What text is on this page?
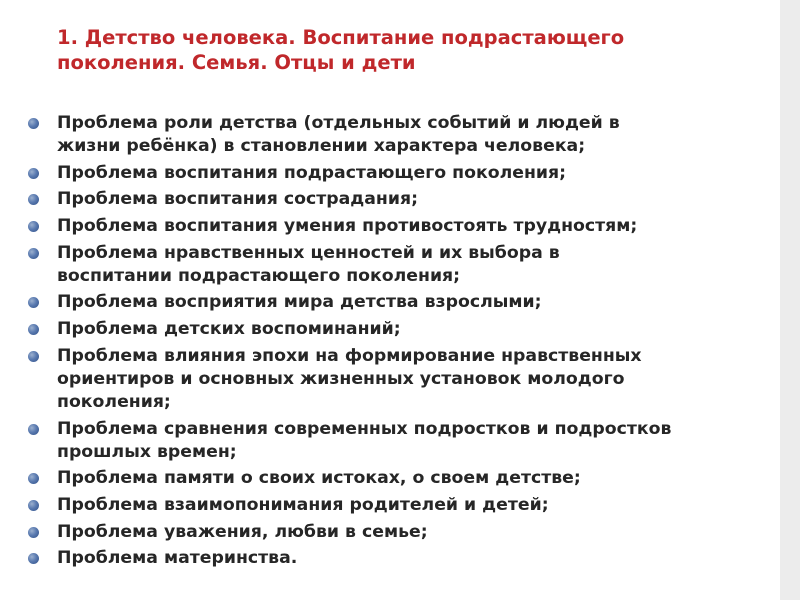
1. Детство человека. Воспитание подрастающего
поколения. Семья. Отцы и дети
Проблема роли детства (отдельных событий и людей в
жизни ребёнка) в становлении характера человека;
Проблема воспитания подрастающего поколения;
Проблема воспитания сострадания;
Проблема воспитания умения противостоять трудностям;
Проблема нравственных ценностей и их выбора в
воспитании подрастающего поколения;
Проблема восприятия мира детства взрослыми;
Проблема детских воспоминаний;
Проблема влияния эпохи на формирование нравственных
ориентиров и основных жизненных установок молодого
поколения;
Проблема сравнения современных подростков и подростков
прошлых времен;
Проблема памяти о своих истоках, о своем детстве;
Проблема взаимопонимания родителей и детей;
Проблема уважения, любви в семье;
Проблема материнства.
